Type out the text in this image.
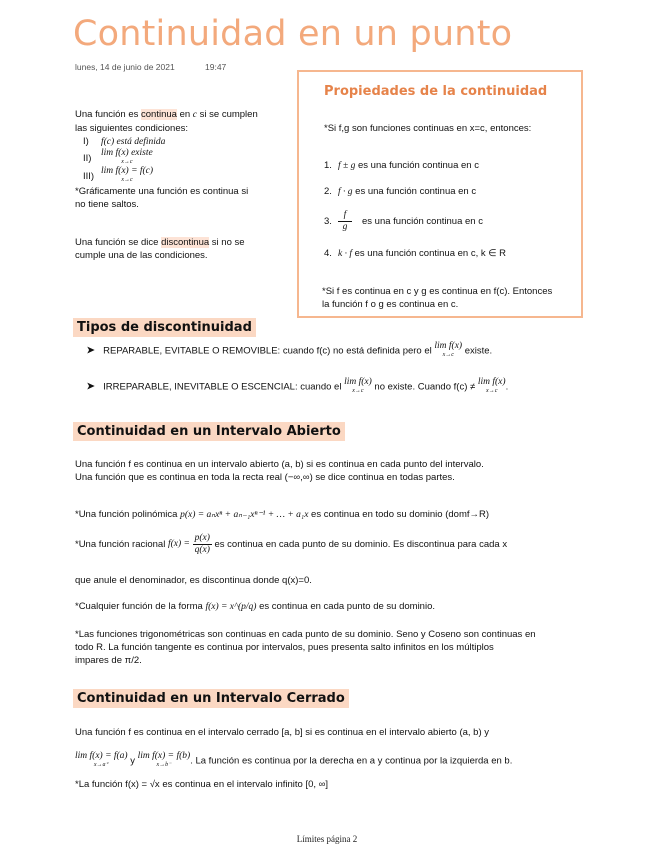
Continuidad en un punto
lunes, 14 de junio de 2021	19:47
Una función es continua en c si se cumplen
las siguientes condiciones:
I) f(c) está definida
II) lim f(x) existe
x→c
III) lim f(x) = f(c)
x→c
*Gráficamente una función es continua si
no tiene saltos.
Una función se dice discontinua si no se
cumple una de las condiciones.
Propiedades de la continuidad
*Si f,g son funciones continuas en x=c, entonces:
1. f ± g es una función continua en c
2. f · g es una función continua en c
3. $\frac{f}{g}$ es una función continua en c
4. k · f es una función continua en c, k ∈ R
*Si f es continua en c y g es continua en f(c). Entonces
la función f o g es continua en c.
Tipos de discontinuidad
➤ REPARABLE, EVITABLE O REMOVIBLE: cuando f(c) no está definida pero el lim f(x)
x→c existe.
➤ IRREPARABLE, INEVITABLE O ESCENCIAL: cuando el lim f(x)
x→c no existe. Cuando f(c) ≠ lim f(x)
x→c .
Continuidad en un Intervalo Abierto
Una función f es continua en un intervalo abierto (a, b) si es continua en cada punto del intervalo.
Una función que es continua en toda la recta real (−∞,∞) se dice continua en todas partes.
*Una función polinómica p(x) = aₙxⁿ + aₙ₋₁xⁿ⁻¹ + … + a₁x es continua en todo su dominio (domf→R)
*Una función racional $f(x) = \frac{p(x)}{q(x)}$ es continua en cada punto de su dominio. Es discontinua para cada x
que anule el denominador, es discontinua donde q(x)=0.
*Cualquier función de la forma f(x) = x^(p/q) es continua en cada punto de su dominio.
*Las funciones trigonométricas son continuas en cada punto de su dominio. Seno y Coseno son continuas en
todo R. La función tangente es continua por intervalos, pues presenta salto infinitos en los múltiplos
impares de π/2.
Continuidad en un Intervalo Cerrado
Una función f es continua en el intervalo cerrado [a, b] si es continua en el intervalo abierto (a, b) y
lim f(x) = f(a)
x→a⁺	y lim f(x) = f(b)
x→b⁻	. La función es continua por la derecha en a y continua por la izquierda en b.
*La función f(x) = √x es continua en el intervalo infinito [0, ∞]
Límites página 2
